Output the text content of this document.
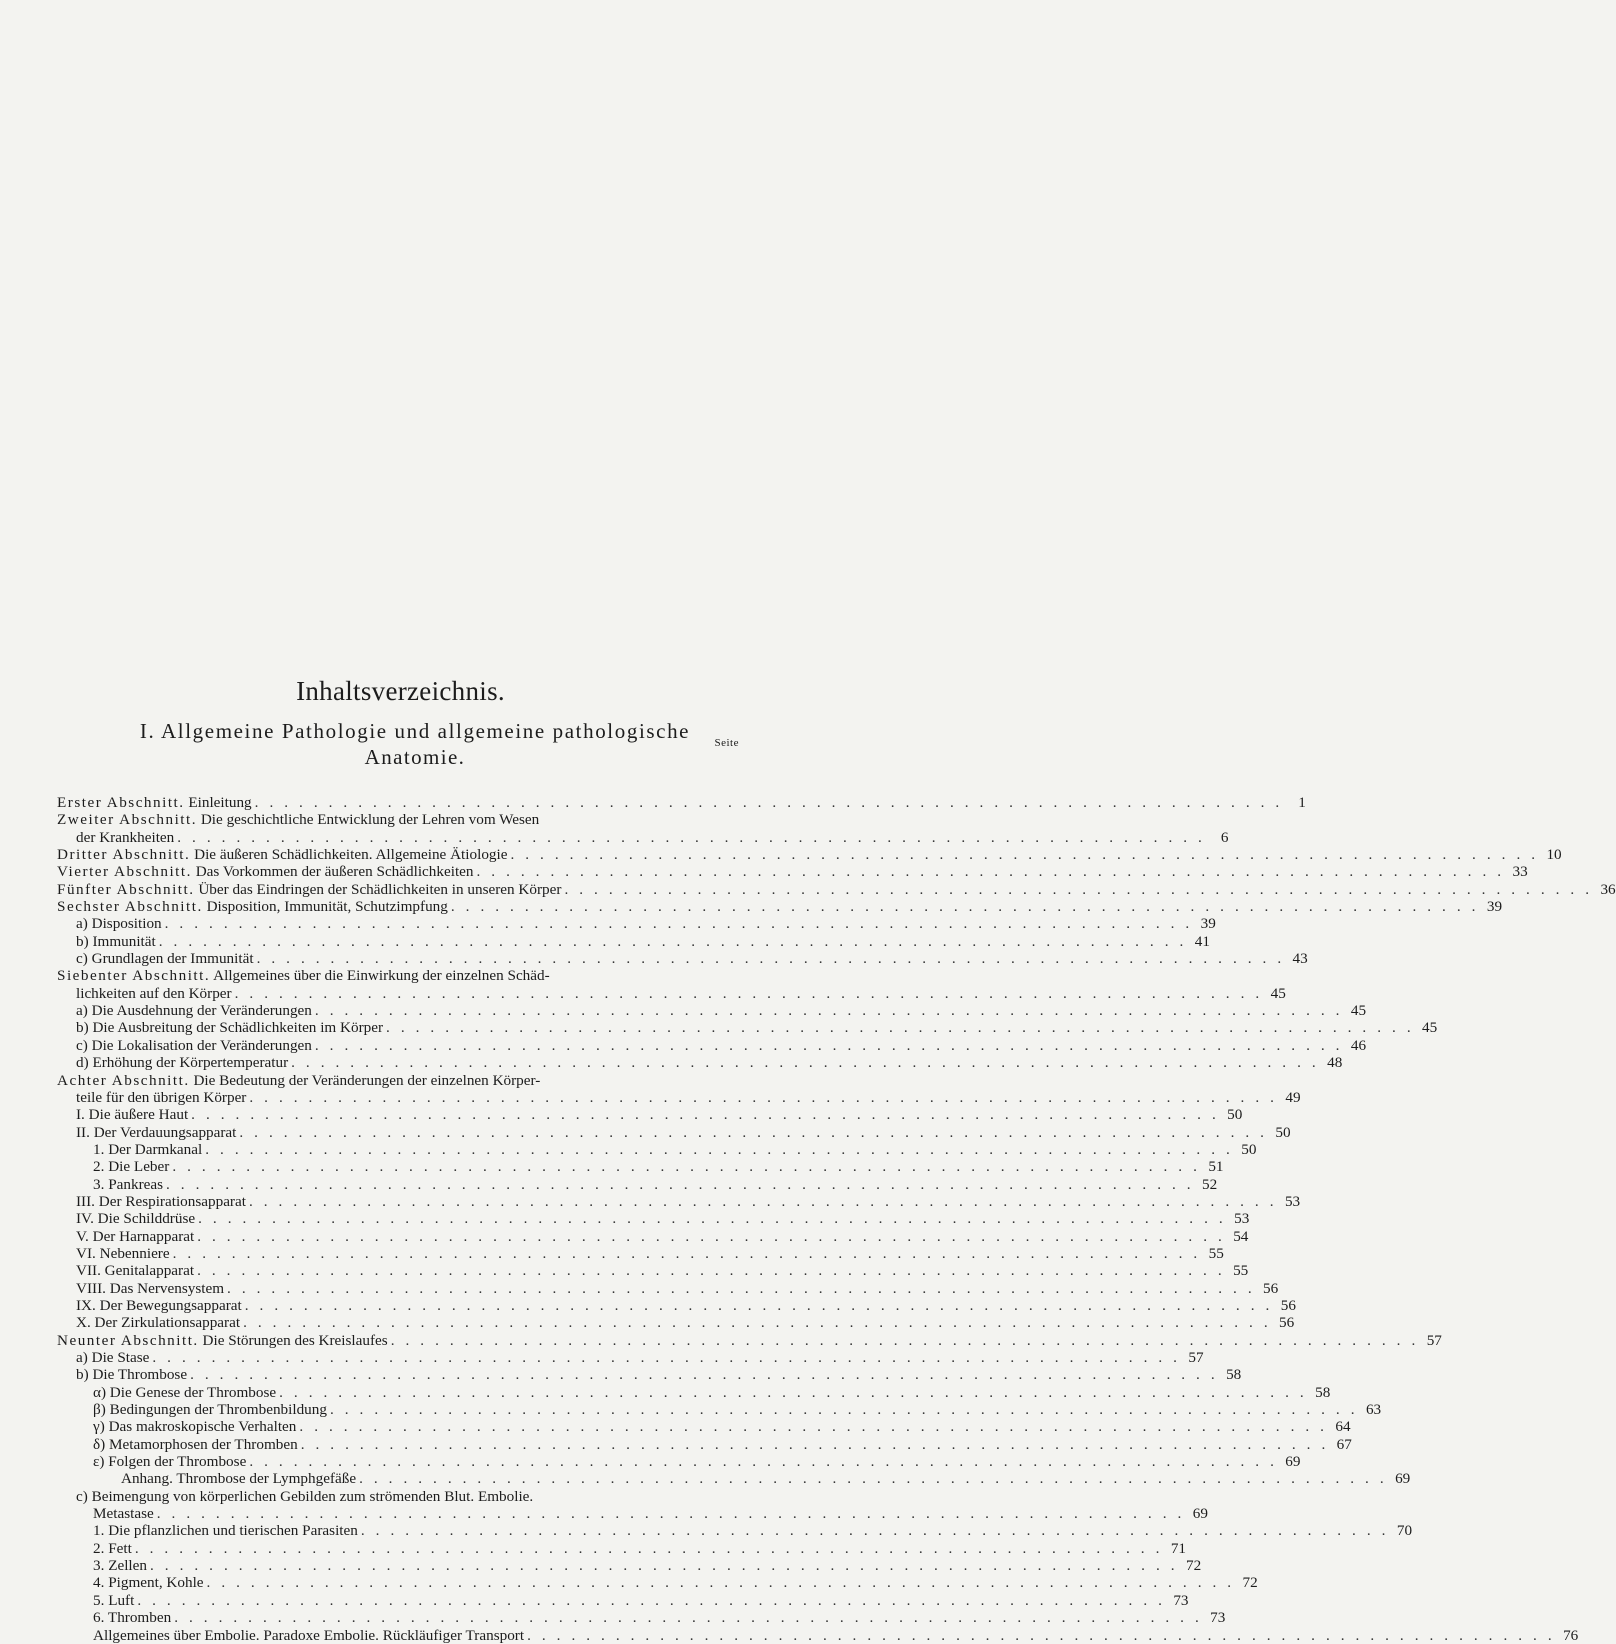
Inhaltsverzeichnis.
I. Allgemeine Pathologie und allgemeine pathologische
Anatomie.
Seite
Erster Abschnitt. Einleitung . . .	1
Zweiter Abschnitt. Die geschichtliche Entwicklung der Lehren vom Wesen
der Krankheiten . . .	6
Dritter Abschnitt. Die äußeren Schädlichkeiten. Allgemeine Ätiologie . . .	10
Vierter Abschnitt. Das Vorkommen der äußeren Schädlichkeiten . . .	33
Fünfter Abschnitt. Über das Eindringen der Schädlichkeiten in unseren Körper . . .	36
Sechster Abschnitt. Disposition, Immunität, Schutzimpfung . . .	39
a) Disposition . . .	39
b) Immunität . . .	41
c) Grundlagen der Immunität . . .	43
Siebenter Abschnitt. Allgemeines über die Einwirkung der einzelnen Schäd-
lichkeiten auf den Körper . . .	45
a) Die Ausdehnung der Veränderungen . . .	45
b) Die Ausbreitung der Schädlichkeiten im Körper . . .	45
c) Die Lokalisation der Veränderungen . . .	46
d) Erhöhung der Körpertemperatur . . .	48
Achter Abschnitt. Die Bedeutung der Veränderungen der einzelnen Körper-
teile für den übrigen Körper . . .	49
I. Die äußere Haut . . .	50
II. Der Verdauungsapparat . . .	50
1. Der Darmkanal . . .	50
2. Die Leber . . .	51
3. Pankreas . . .	52
III. Der Respirationsapparat . . .	53
IV. Die Schilddrüse . . .	53
V. Der Harnapparat . . .	54
VI. Nebenniere . . .	55
VII. Genitalapparat . . .	55
VIII. Das Nervensystem . . .	56
IX. Der Bewegungsapparat . . .	56
X. Der Zirkulationsapparat . . .	56
Neunter Abschnitt. Die Störungen des Kreislaufes . . .	57
a) Die Stase . . .	57
b) Die Thrombose . . .	58
α) Die Genese der Thrombose . . .	58
β) Bedingungen der Thrombenbildung . . .	63
γ) Das makroskopische Verhalten . . .	64
δ) Metamorphosen der Thromben . . .	67
ε) Folgen der Thrombose . . .	69
Anhang. Thrombose der Lymphgefäße . . .	69
c) Beimengung von körperlichen Gebilden zum strömenden Blut. Embolie.
Metastase . . .	69
1. Die pflanzlichen und tierischen Parasiten . . .	70
2. Fett . . .	71
3. Zellen . . .	72
4. Pigment, Kohle . . .	72
5. Luft . . .	73
6. Thromben . . .	73
Allgemeines über Embolie. Paradoxe Embolie. Rückläufiger Transport . . .	76
